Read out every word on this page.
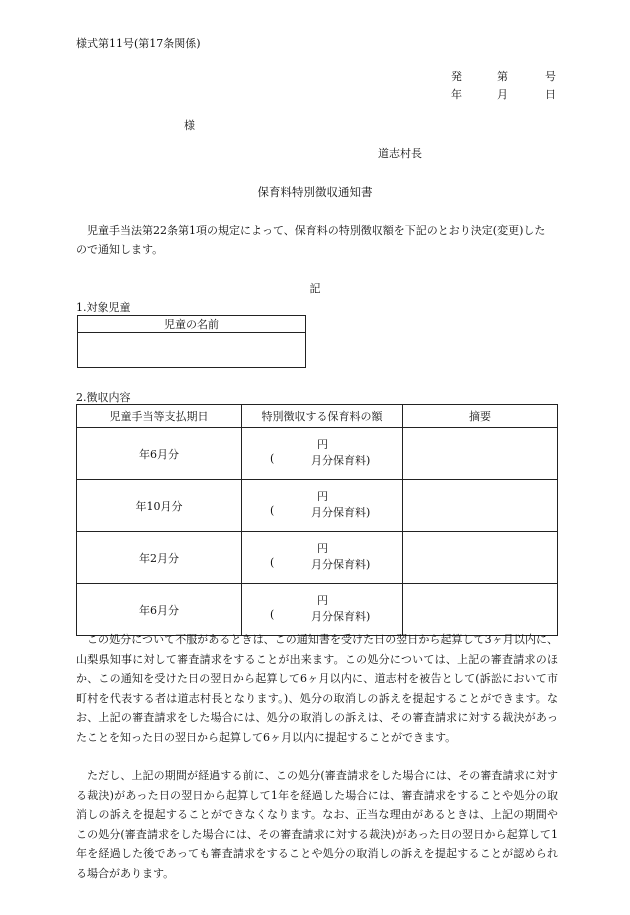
様式第11号(第17条関係)
発	第	号
年	月	日
様
道志村長
保育料特別徴収通知書
児童手当法第22条第1項の規定によって、保育料の特別徴収額を下記のとおり決定(変更)したので通知します。
記
1.対象児童
児童の名前

2.徴収内容
児童手当等支払期日	特別徴収する保育料の額	摘要
年6月分	円
( 月分保育料)	

年10月分	円
( 月分保育料)	

年2月分	円
( 月分保育料)	

年6月分	円
( 月分保育料)	

この処分について不服があるときは、この通知書を受けた日の翌日から起算して3ヶ月以内に、山梨県知事に対して審査請求をすることが出来ます。この処分については、上記の審査請求のほか、この通知を受けた日の翌日から起算して6ヶ月以内に、道志村を被告として(訴訟において市町村を代表する者は道志村長となります。)、処分の取消しの訴えを提起することができます。なお、上記の審査請求をした場合には、処分の取消しの訴えは、その審査請求に対する裁決があったことを知った日の翌日から起算して6ヶ月以内に提起することができます。
ただし、上記の期間が経過する前に、この処分(審査請求をした場合には、その審査請求に対する裁決)があった日の翌日から起算して1年を経過した場合には、審査請求をすることや処分の取消しの訴えを提起することができなくなります。なお、正当な理由があるときは、上記の期間やこの処分(審査請求をした場合には、その審査請求に対する裁決)があった日の翌日から起算して1年を経過した後であっても審査請求をすることや処分の取消しの訴えを提起することが認められる場合があります。
